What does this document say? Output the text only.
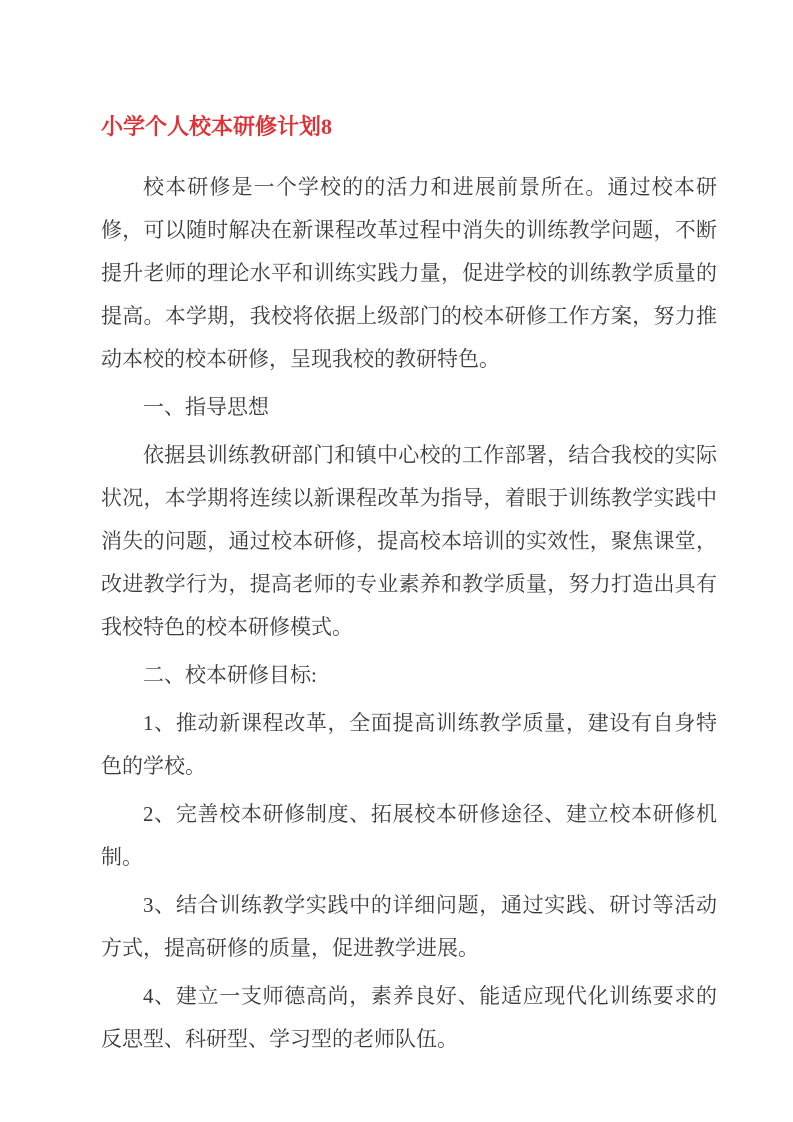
小学个人校本研修计划8

校本研修是一个学校的的活力和进展前景所在。通过校本研修，可以随时解决在新课程改革过程中消失的训练教学问题，不断提升老师的理论水平和训练实践力量，促进学校的训练教学质量的提高。本学期，我校将依据上级部门的校本研修工作方案，努力推动本校的校本研修，呈现我校的教研特色。

一、指导思想

依据县训练教研部门和镇中心校的工作部署，结合我校的实际状况，本学期将连续以新课程改革为指导，着眼于训练教学实践中消失的问题，通过校本研修，提高校本培训的实效性，聚焦课堂，改进教学行为，提高老师的专业素养和教学质量，努力打造出具有我校特色的校本研修模式。

二、校本研修目标:

1、推动新课程改革，全面提高训练教学质量，建设有自身特色的学校。

2、完善校本研修制度、拓展校本研修途径、建立校本研修机制。

3、结合训练教学实践中的详细问题，通过实践、研讨等活动方式，提高研修的质量，促进教学进展。

4、建立一支师德高尚，素养良好、能适应现代化训练要求的反思型、科研型、学习型的老师队伍。
